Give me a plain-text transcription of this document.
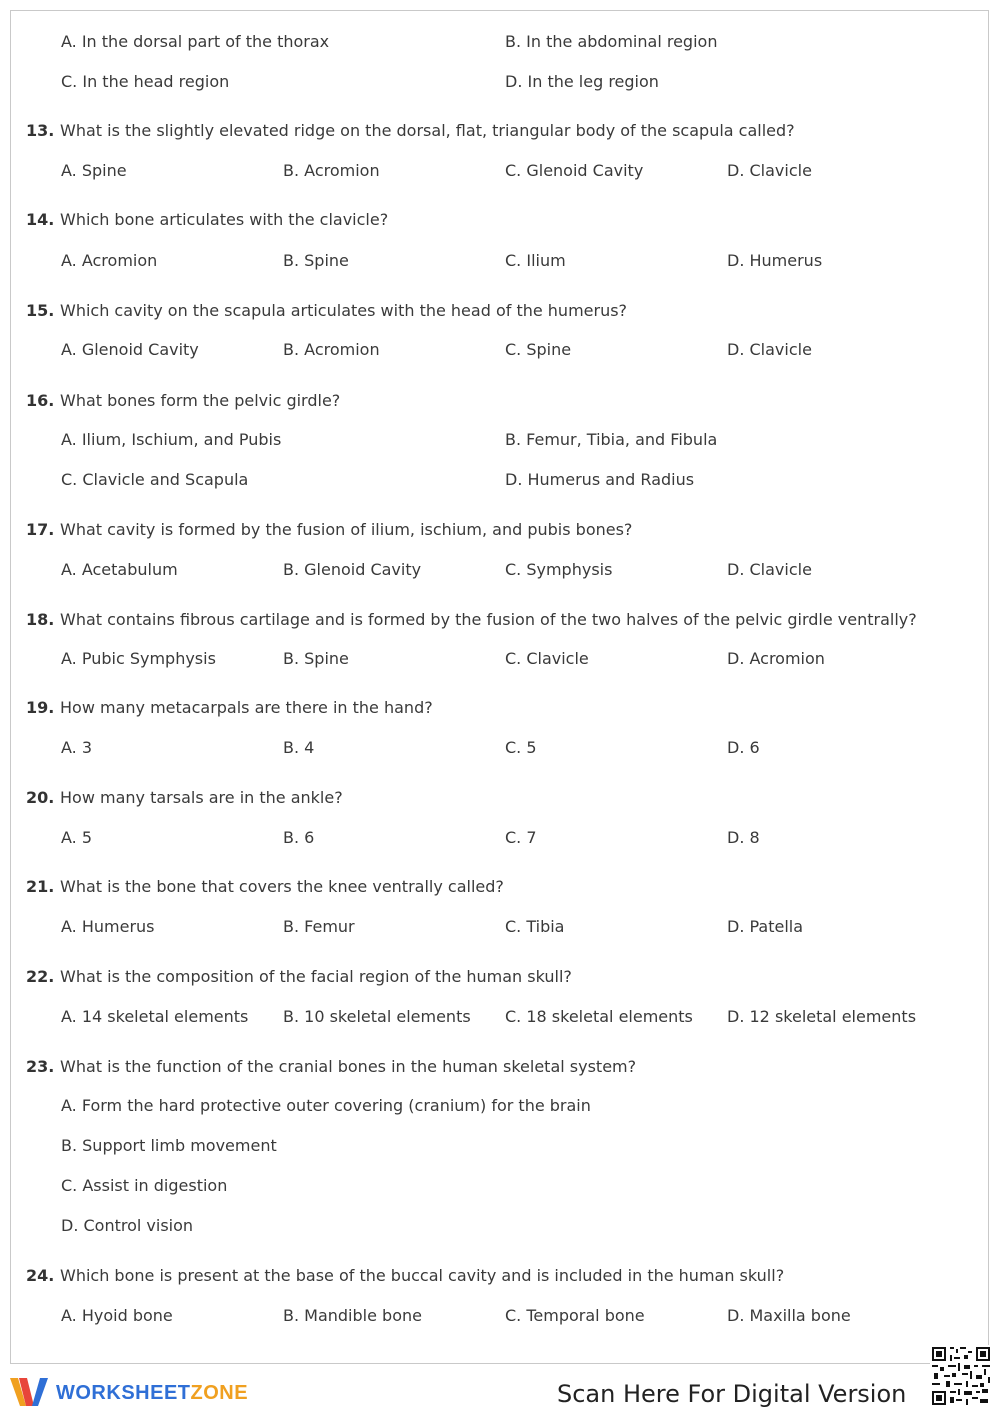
A. In the dorsal part of the thorax	B. In the abdominal region
C. In the head region	D. In the leg region
13. What is the slightly elevated ridge on the dorsal, flat, triangular body of the scapula called?
A. Spine	B. Acromion	C. Glenoid Cavity	D. Clavicle
14. Which bone articulates with the clavicle?
A. Acromion	B. Spine	C. Ilium	D. Humerus
15. Which cavity on the scapula articulates with the head of the humerus?
A. Glenoid Cavity	B. Acromion	C. Spine	D. Clavicle
16. What bones form the pelvic girdle?
A. Ilium, Ischium, and Pubis	B. Femur, Tibia, and Fibula
C. Clavicle and Scapula	D. Humerus and Radius
17. What cavity is formed by the fusion of ilium, ischium, and pubis bones?
A. Acetabulum	B. Glenoid Cavity	C. Symphysis	D. Clavicle
18. What contains fibrous cartilage and is formed by the fusion of the two halves of the pelvic girdle ventrally?
A. Pubic Symphysis	B. Spine	C. Clavicle	D. Acromion
19. How many metacarpals are there in the hand?
A. 3	B. 4	C. 5	D. 6
20. How many tarsals are in the ankle?
A. 5	B. 6	C. 7	D. 8
21. What is the bone that covers the knee ventrally called?
A. Humerus	B. Femur	C. Tibia	D. Patella
22. What is the composition of the facial region of the human skull?
A. 14 skeletal elements B. 10 skeletal elements C. 18 skeletal elements D. 12 skeletal elements
23. What is the function of the cranial bones in the human skeletal system?
A. Form the hard protective outer covering (cranium) for the brain
B. Support limb movement
C. Assist in digestion
D. Control vision
24. Which bone is present at the base of the buccal cavity and is included in the human skull?
A. Hyoid bone	B. Mandible bone	C. Temporal bone	D. Maxilla bone
WORKSHEETZONE	Scan Here For Digital Version
